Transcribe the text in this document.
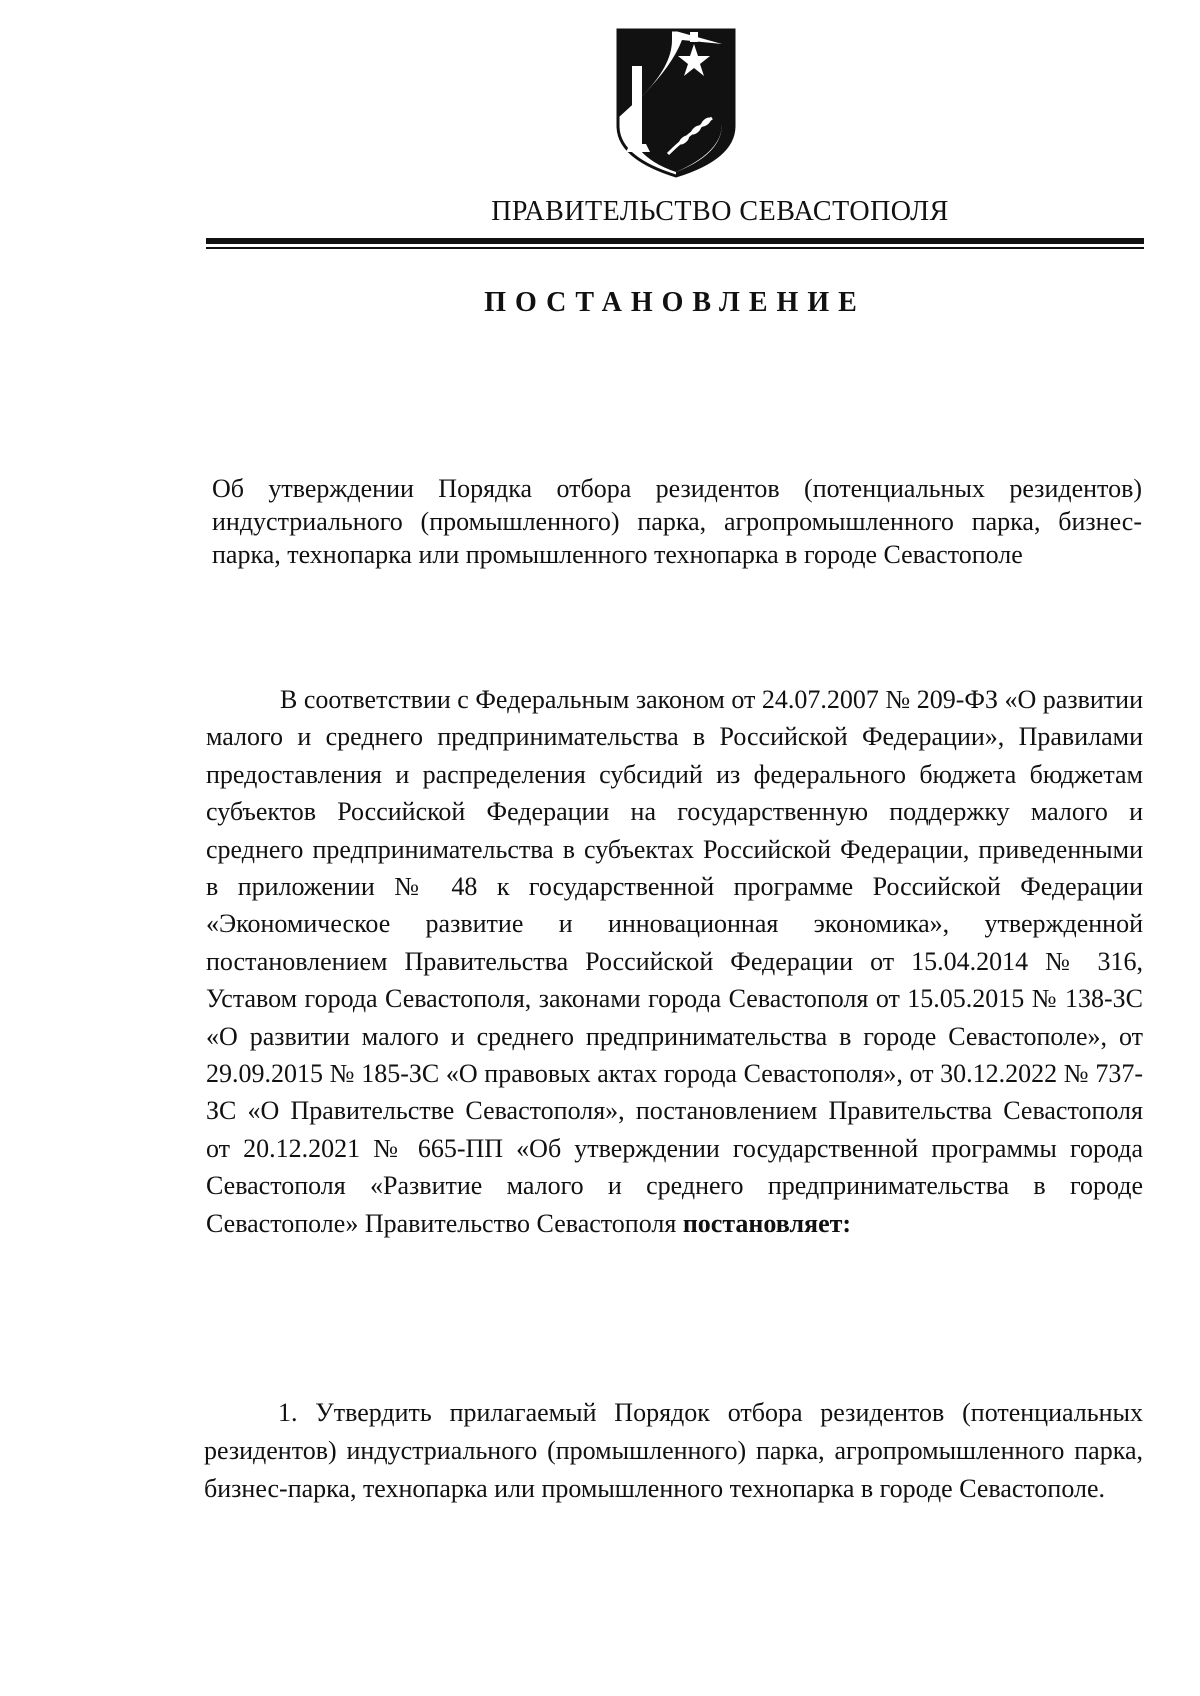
ПРАВИТЕЛЬСТВО СЕВАСТОПОЛЯ
ПОСТАНОВЛЕНИЕ

Об утверждении Порядка отбора резидентов (потенциальных резидентов) индустриального (промышленного) парка, агропромышленного парка, бизнес-парка, технопарка или промышленного технопарка в городе Севастополе

В соответствии с Федеральным законом от 24.07.2007 № 209-ФЗ «О развитии малого и среднего предпринимательства в Российской Федерации», Правилами предоставления и распределения субсидий из федерального бюджета бюджетам субъектов Российской Федерации на государственную поддержку малого и среднего предпринимательства в субъектах Российской Федерации, приведенными в приложении № 48 к государственной программе Российской Федерации «Экономическое развитие и инновационная экономика», утвержденной постановлением Правительства Российской Федерации от 15.04.2014 № 316, Уставом города Севастополя, законами города Севастополя от 15.05.2015 № 138-ЗС «О развитии малого и среднего предпринимательства в городе Севастополе», от 29.09.2015 № 185-ЗС «О правовых актах города Севастополя», от 30.12.2022 № 737-ЗС «О Правительстве Севастополя», постановлением Правительства Севастополя от 20.12.2021 № 665-ПП «Об утверждении государственной программы города Севастополя «Развитие малого и среднего предпринимательства в городе Севастополе» Правительство Севастополя постановляет:

1. Утвердить прилагаемый Порядок отбора резидентов (потенциальных резидентов) индустриального (промышленного) парка, агропромышленного парка, бизнес-парка, технопарка или промышленного технопарка в городе Севастополе.
